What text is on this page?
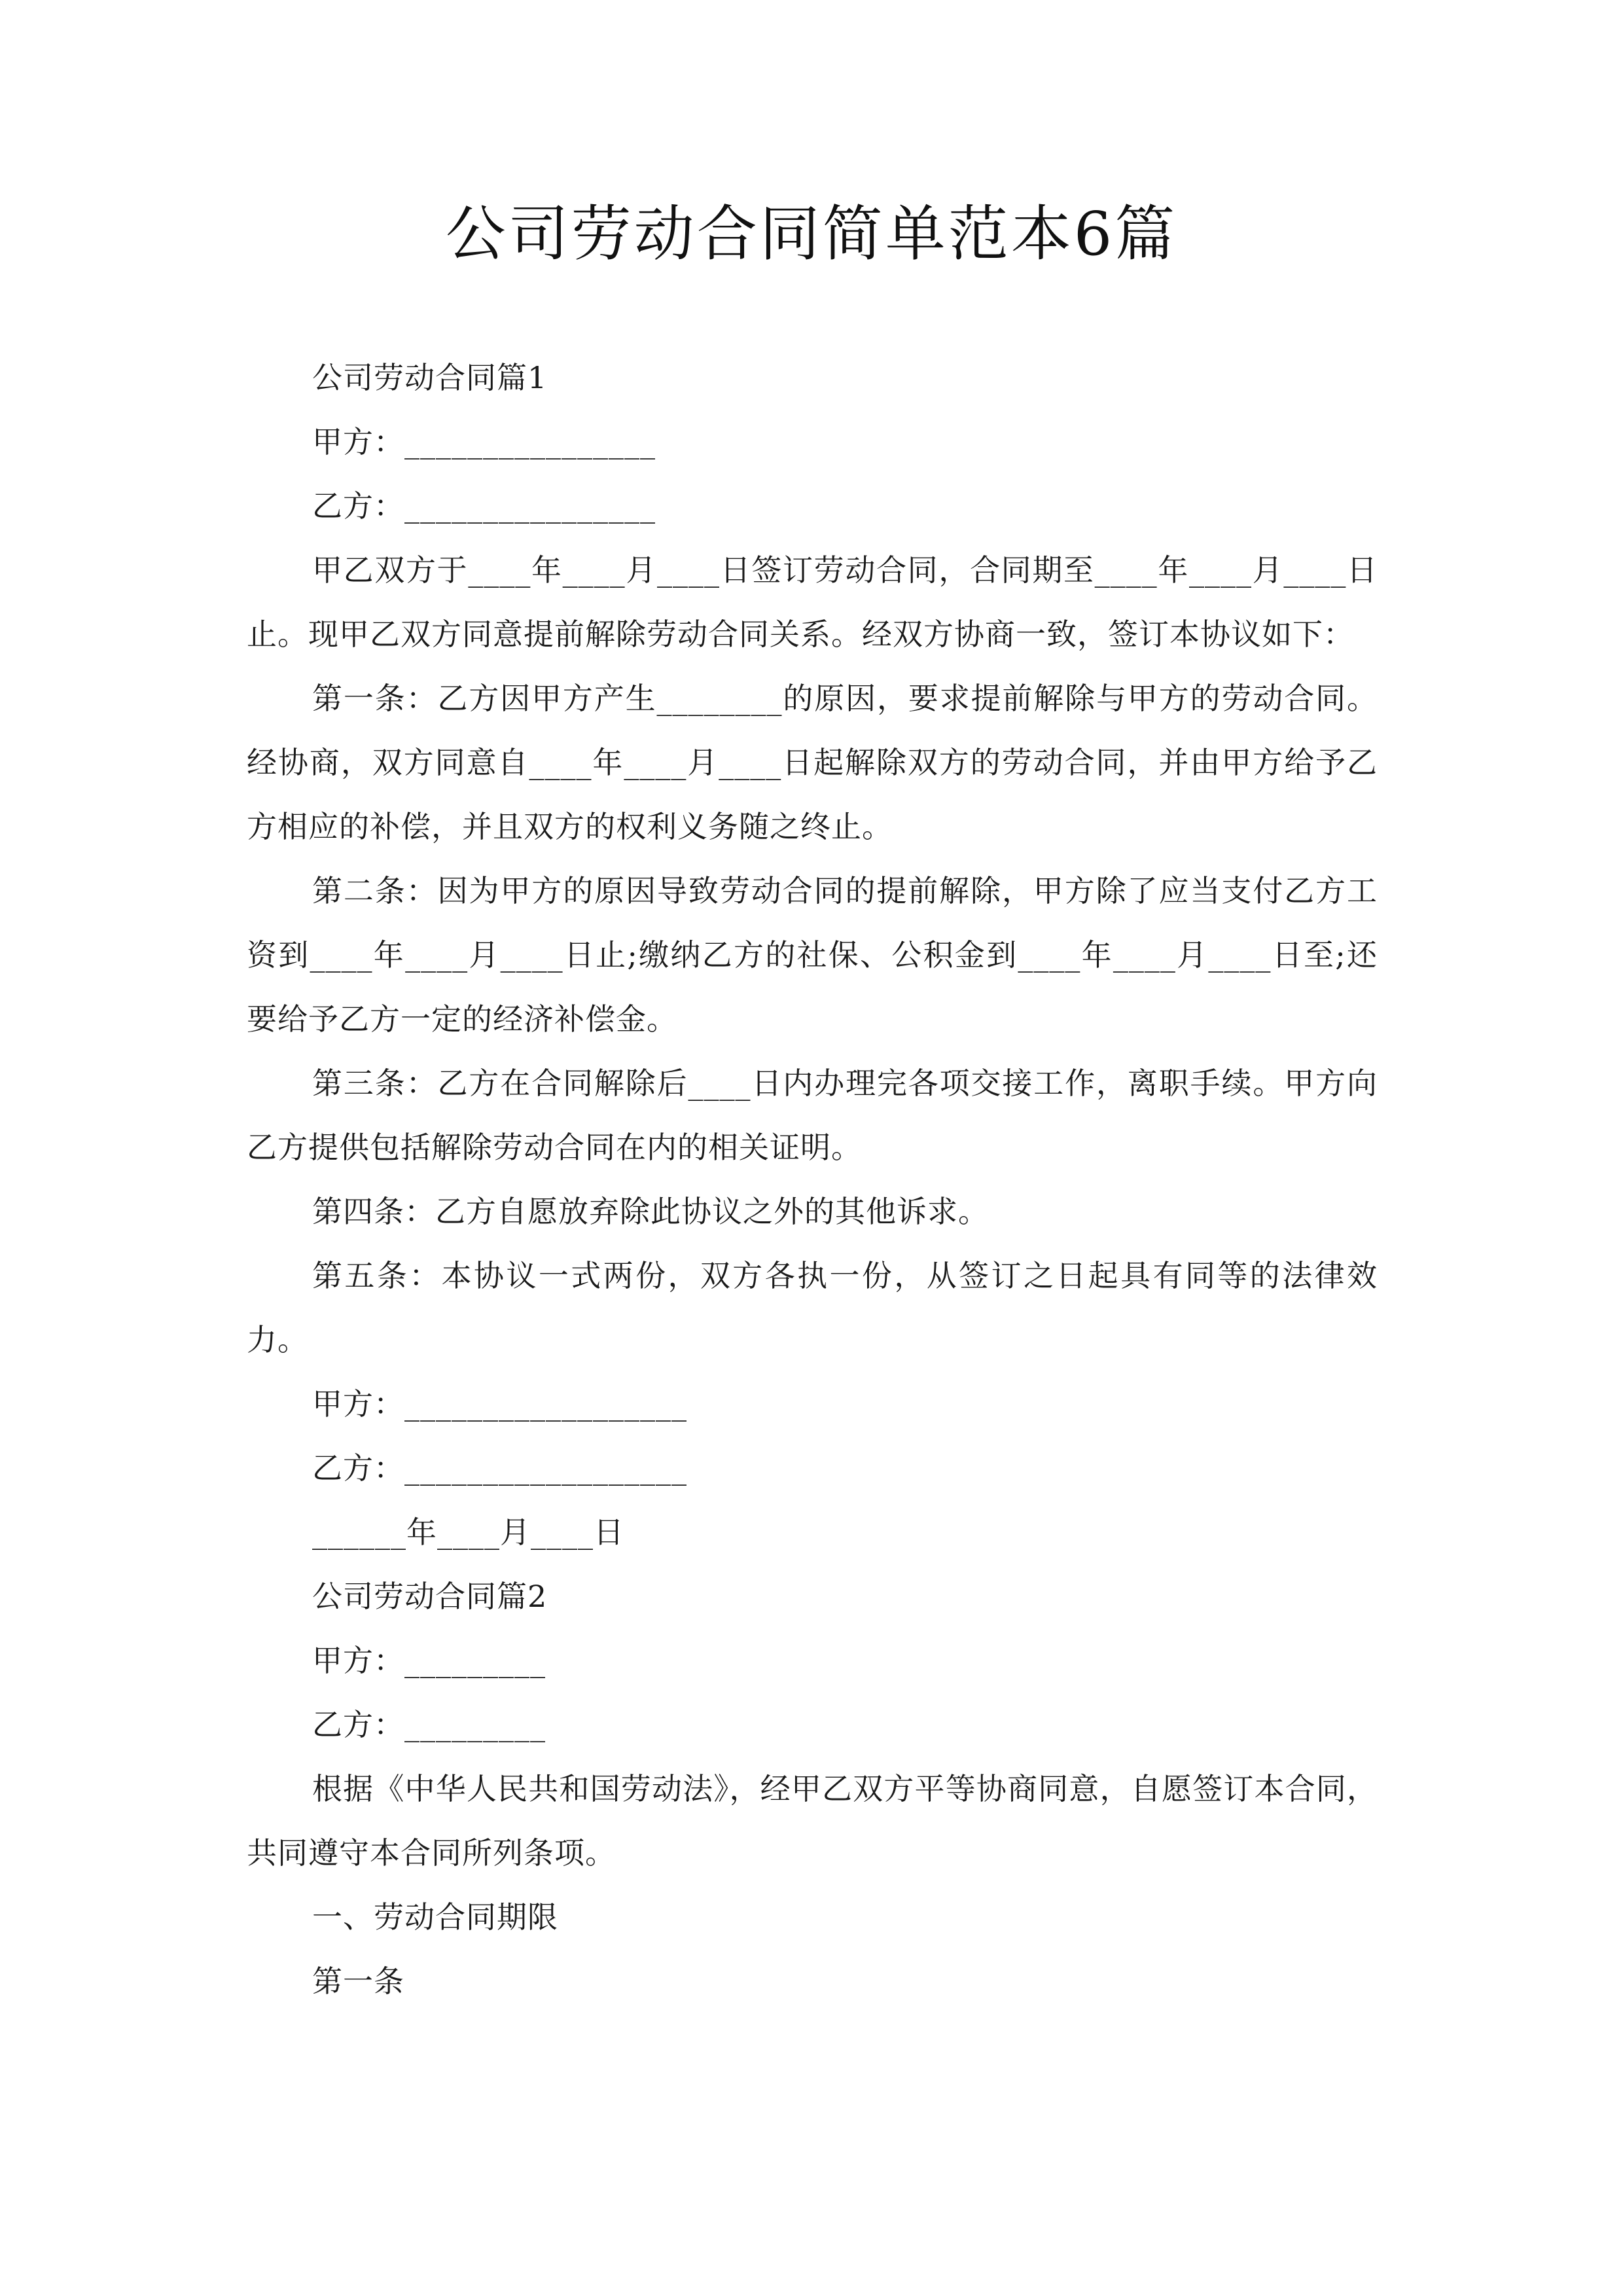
公司劳动合同简单范本6篇

公司劳动合同篇1

甲方：________________

乙方：________________

甲乙双方于____年____月____日签订劳动合同，合同期至____年____月____日止。现甲乙双方同意提前解除劳动合同关系。经双方协商一致，签订本协议如下：

第一条：乙方因甲方产生________的原因，要求提前解除与甲方的劳动合同。经协商，双方同意自____年____月____日起解除双方的劳动合同，并由甲方给予乙方相应的补偿，并且双方的权利义务随之终止。

第二条：因为甲方的原因导致劳动合同的提前解除，甲方除了应当支付乙方工资到____年____月____日止;缴纳乙方的社保、公积金到____年____月____日至;还要给予乙方一定的经济补偿金。

第三条：乙方在合同解除后____日内办理完各项交接工作，离职手续。甲方向乙方提供包括解除劳动合同在内的相关证明。

第四条：乙方自愿放弃除此协议之外的其他诉求。

第五条：本协议一式两份，双方各执一份，从签订之日起具有同等的法律效力。

甲方：__________________

乙方：__________________

______年____月____日

公司劳动合同篇2

甲方：_________

乙方：_________

根据《中华人民共和国劳动法》，经甲乙双方平等协商同意，自愿签订本合同，共同遵守本合同所列条项。

一、劳动合同期限

第一条
